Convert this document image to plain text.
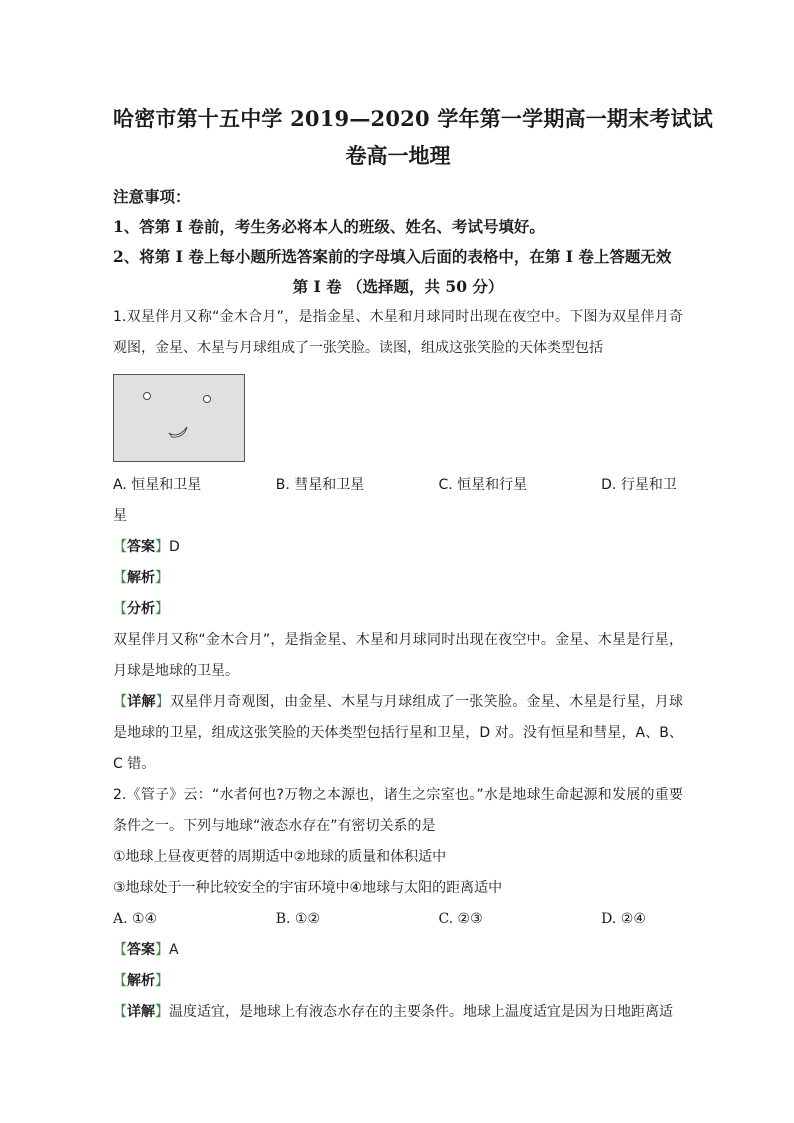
哈密市第十五中学 2019—2020 学年第一学期高一期末考试试
卷高一地理

注意事项：

1、答第 I 卷前，考生务必将本人的班级、姓名、考试号填好。

2、将第 I 卷上每小题所选答案前的字母填入后面的表格中，在第 I 卷上答题无效

第 I 卷 （选择题，共 50 分）

1.双星伴月又称“金木合月”，是指金星、木星和月球同时出现在夜空中。下图为双星伴月奇观图，金星、木星与月球组成了一张笑脸。读图，组成这张笑脸的天体类型包括

A. 恒星和卫星	B. 彗星和卫星	C. 恒星和行星	D. 行星和卫

星

【答案】D

【解析】

【分析】

双星伴月又称“金木合月”，是指金星、木星和月球同时出现在夜空中。金星、木星是行星，月球是地球的卫星。

【详解】双星伴月奇观图，由金星、木星与月球组成了一张笑脸。金星、木星是行星，月球是地球的卫星，组成这张笑脸的天体类型包括行星和卫星，D 对。没有恒星和彗星，A、B、C 错。

2.《管子》云：“水者何也?万物之本源也，诸生之宗室也。”水是地球生命起源和发展的重要条件之一。下列与地球“液态水存在”有密切关系的是

①地球上昼夜更替的周期适中②地球的质量和体积适中

③地球处于一种比较安全的宇宙环境中④地球与太阳的距离适中

A. ①④	B. ①②	C. ②③	D. ②④

【答案】A

【解析】

【详解】温度适宜，是地球上有液态水存在的主要条件。地球上温度适宜是因为日地距离适
